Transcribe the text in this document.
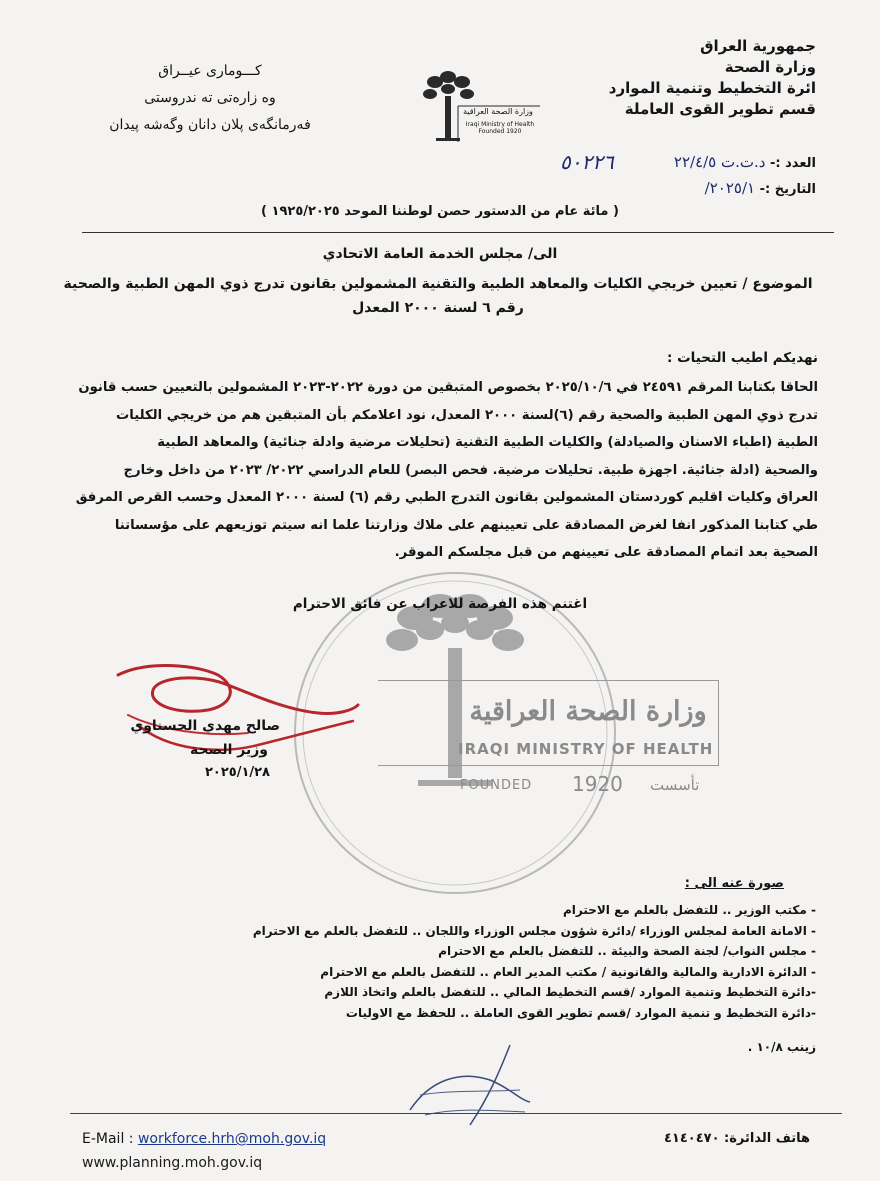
وزارة الصحة العراقية
IRAQI MINISTRY OF HEALTH
FOUNDED 1920 تأسست
جمهورية العراق
وزارة الصحة
ائرة التخطيط وتنمية الموارد
قسم تطوير القوى العاملة
كـــوماری عيــراق
وه زارەتی ته ندروستی
فەرمانگەی پلان دانان وگەشه پیدان
وزارة الصحة العراقية
Iraqi Ministry of Health
Founded 1920
العدد :- د.ت.ت ٢٢/٤/٥
التاريخ :- ٢٠٢٥/١/
٥٠٢٢٦
( مائة عام من الدستور حصن لوطننا الموحد ١٩٢٥/٢٠٢٥ )
الى/ مجلس الخدمة العامة الاتحادي
الموضوع / تعيين خريجي الكليات والمعاهد الطبية والتقنية المشمولين بقانون تدرج ذوي المهن الطبية والصحية
رقم ٦ لسنة ٢٠٠٠ المعدل
نهديكم اطيب التحيات :
الحاقا بكتابنا المرقم ٢٤٥٩١ في ٢٠٢٥/١٠/٦ بخصوص المتبقين من دورة ٢٠٢٢-٢٠٢٣ المشمولين بالتعيين حسب قانون
تدرج ذوي المهن الطبية والصحية رقم (٦)لسنة ٢٠٠٠ المعدل، نود اعلامكم بأن المتبقين هم من خريجي الكليات
الطبية (اطباء الاسنان والصيادلة) والكليات الطبية التقنية (تحليلات مرضية وادلة جنائية) والمعاهد الطبية
والصحية (ادلة جنائية. اجهزة طبية. تحليلات مرضية. فحص البصر) للعام الدراسي ٢٠٢٢/ ٢٠٢٣ من داخل وخارج
العراق وكليات اقليم كوردستان المشمولين بقانون التدرج الطبي رقم (٦) لسنة ٢٠٠٠ المعدل وحسب القرص المرفق
طي كتابنا المذكور انفا لغرض المصادقة على تعيينهم على ملاك وزارتنا علما انه سيتم توزيعهم على مؤسساتنا
الصحية بعد اتمام المصادقة على تعيينهم من قبل مجلسكم الموقر.
اغتنم هذه الفرصة للاعراب عن فائق الاحترام
صالح مهدي الحسناوي
وزير الصحة
٢٠٢٥/١/٢٨
صورة عنه الى :
- مكتب الوزير .. للتفضل بالعلم مع الاحترام
- الامانة العامة لمجلس الوزراء /دائرة شؤون مجلس الوزراء واللجان .. للتفضل بالعلم مع الاحترام
- مجلس النواب/ لجنة الصحة والبيئة .. للتفضل بالعلم مع الاحترام
- الدائرة الادارية والمالية والقانونية / مكتب المدير العام .. للتفضل بالعلم مع الاحترام
-دائرة التخطيط وتنمية الموارد /قسم التخطيط المالي .. للتفضل بالعلم واتخاذ اللازم
-دائرة التخطيط و تنمية الموارد /قسم تطوير القوى العاملة .. للحفظ مع الاوليات
زينب ١٠/٨ .
E-Mail : workforce.hrh@moh.gov.iq
www.planning.moh.gov.iq
هاتف الدائرة: ٤١٤٠٤٧٠
